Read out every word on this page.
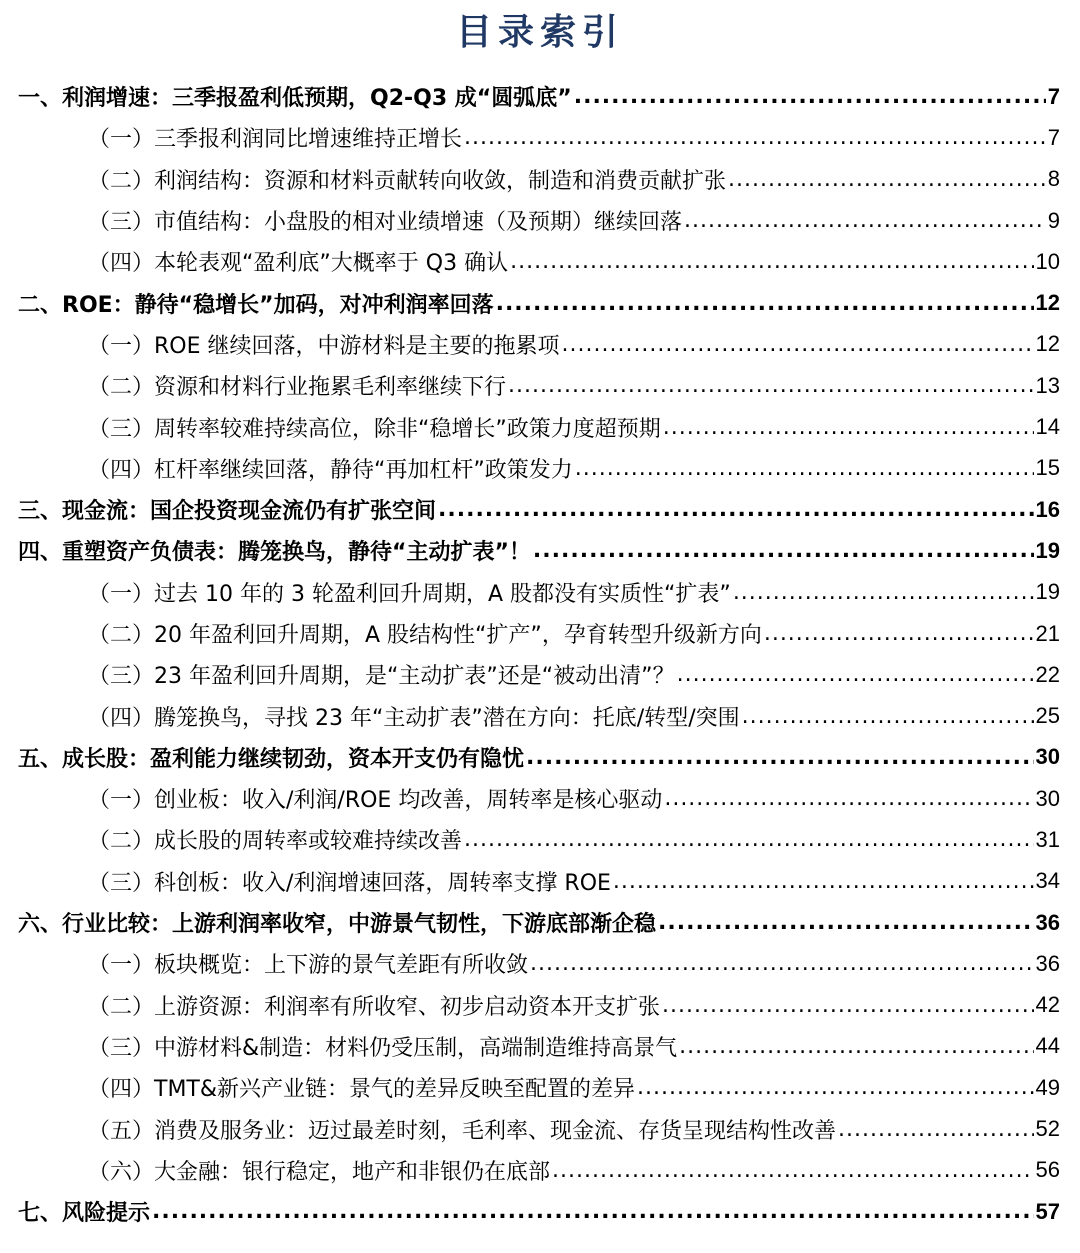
目录索引
一、利润增速：三季报盈利低预期，Q2-Q3 成“圆弧底” .....	7
（一）三季报利润同比增速维持正增长 .....	7
（二）利润结构：资源和材料贡献转向收敛，制造和消费贡献扩张 .....	8
（三）市值结构：小盘股的相对业绩增速（及预期）继续回落 .....	9
（四）本轮表观“盈利底”大概率于 Q3 确认 .....	10
二、ROE：静待“稳增长”加码，对冲利润率回落 .....	12
（一）ROE 继续回落，中游材料是主要的拖累项 .....	12
（二）资源和材料行业拖累毛利率继续下行 .....	13
（三）周转率较难持续高位，除非“稳增长”政策力度超预期 .....	14
（四）杠杆率继续回落，静待“再加杠杆”政策发力 .....	15
三、现金流：国企投资现金流仍有扩张空间 .....	16
四、重塑资产负债表：腾笼换鸟，静待“主动扩表”！ .....	19
（一）过去 10 年的 3 轮盈利回升周期，A 股都没有实质性“扩表” .....	19
（二）20 年盈利回升周期，A 股结构性“扩产”，孕育转型升级新方向 .....	21
（三）23 年盈利回升周期，是“主动扩表”还是“被动出清”？ .....	22
（四）腾笼换鸟，寻找 23 年“主动扩表”潜在方向：托底/转型/突围 .....	25
五、成长股：盈利能力继续韧劲，资本开支仍有隐忧 .....	30
（一）创业板：收入/利润/ROE 均改善，周转率是核心驱动 .....	30
（二）成长股的周转率或较难持续改善 .....	31
（三）科创板：收入/利润增速回落，周转率支撑 ROE .....	34
六、行业比较：上游利润率收窄，中游景气韧性，下游底部渐企稳 .....	36
（一）板块概览：上下游的景气差距有所收敛 .....	36
（二）上游资源：利润率有所收窄、初步启动资本开支扩张 .....	42
（三）中游材料&制造：材料仍受压制，高端制造维持高景气 .....	44
（四）TMT&新兴产业链：景气的差异反映至配置的差异 .....	49
（五）消费及服务业：迈过最差时刻，毛利率、现金流、存货呈现结构性改善 .....	52
（六）大金融：银行稳定，地产和非银仍在底部 .....	56
七、风险提示 .....	57
